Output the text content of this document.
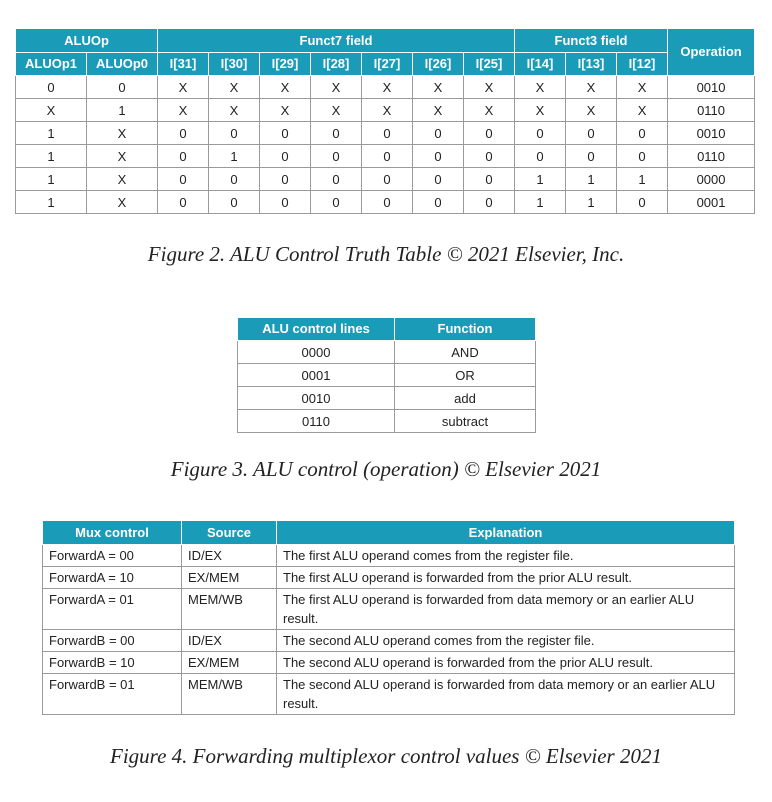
ALUOp		Funct7 field							Funct3 field			Operation
ALUOp1	ALUOp0	I[31]	I[30]	I[29]	I[28]	I[27]	I[26]	I[25]	I[14]	I[13]	I[12]	
0	0	X	X	X	X	X	X	X	X	X	X	0010
X	1	X	X	X	X	X	X	X	X	X	X	0110
1	X	0	0	0	0	0	0	0	0	0	0	0010
1	X	0	1	0	0	0	0	0	0	0	0	0110
1	X	0	0	0	0	0	0	0	1	1	1	0000
1	X	0	0	0	0	0	0	0	1	1	0	0001
Figure 2. ALU Control Truth Table © 2021 Elsevier, Inc.
ALU control lines	Function
0000	AND
0001	OR
0010	add
0110	subtract
Figure 3. ALU control (operation) © Elsevier 2021
Mux control	Source	Explanation
ForwardA = 00	ID/EX	The first ALU operand comes from the register file.
ForwardA = 10	EX/MEM	The first ALU operand is forwarded from the prior ALU result.
ForwardA = 01	MEM/WB	The first ALU operand is forwarded from data memory or an earlier ALU result.
ForwardB = 00	ID/EX	The second ALU operand comes from the register file.
ForwardB = 10	EX/MEM	The second ALU operand is forwarded from the prior ALU result.
ForwardB = 01	MEM/WB	The second ALU operand is forwarded from data memory or an earlier ALU result.
Figure 4. Forwarding multiplexor control values © Elsevier 2021
